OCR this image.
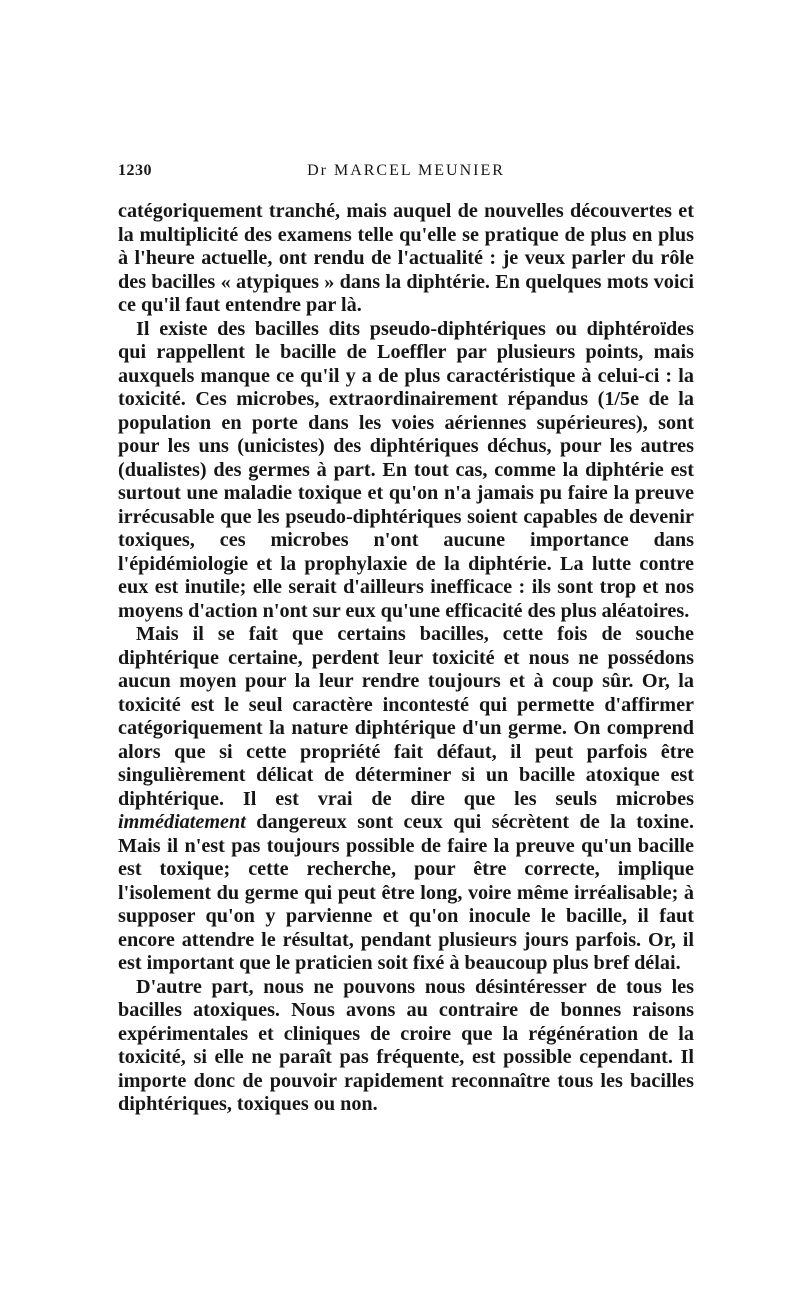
1230	Dr MARCEL MEUNIER

catégoriquement tranché, mais auquel de nouvelles découvertes et la multiplicité des examens telle qu'elle se pratique de plus en plus à l'heure actuelle, ont rendu de l'actualité : je veux parler du rôle des bacilles « atypiques » dans la diphtérie. En quelques mots voici ce qu'il faut entendre par là.

Il existe des bacilles dits pseudo-diphtériques ou diphtéroïdes qui rappellent le bacille de Loeffler par plusieurs points, mais auxquels manque ce qu'il y a de plus caractéristique à celui-ci : la toxicité. Ces microbes, extraordinairement répandus (1/5e de la population en porte dans les voies aériennes supérieures), sont pour les uns (unicistes) des diphtériques déchus, pour les autres (dualistes) des germes à part. En tout cas, comme la diphtérie est surtout une maladie toxique et qu'on n'a jamais pu faire la preuve irrécusable que les pseudo-diphtériques soient capables de devenir toxiques, ces microbes n'ont aucune importance dans l'épidémiologie et la prophylaxie de la diphtérie. La lutte contre eux est inutile; elle serait d'ailleurs inefficace : ils sont trop et nos moyens d'action n'ont sur eux qu'une efficacité des plus aléatoires.

Mais il se fait que certains bacilles, cette fois de souche diphtérique certaine, perdent leur toxicité et nous ne possédons aucun moyen pour la leur rendre toujours et à coup sûr. Or, la toxicité est le seul caractère incontesté qui permette d'affirmer catégoriquement la nature diphtérique d'un germe. On comprend alors que si cette propriété fait défaut, il peut parfois être singulièrement délicat de déterminer si un bacille atoxique est diphtérique. Il est vrai de dire que les seuls microbes immédiatement dangereux sont ceux qui sécrètent de la toxine. Mais il n'est pas toujours possible de faire la preuve qu'un bacille est toxique; cette recherche, pour être correcte, implique l'isolement du germe qui peut être long, voire même irréalisable; à supposer qu'on y parvienne et qu'on inocule le bacille, il faut encore attendre le résultat, pendant plusieurs jours parfois. Or, il est important que le praticien soit fixé à beaucoup plus bref délai.

D'autre part, nous ne pouvons nous désintéresser de tous les bacilles atoxiques. Nous avons au contraire de bonnes raisons expérimentales et cliniques de croire que la régénération de la toxicité, si elle ne paraît pas fréquente, est possible cependant. Il importe donc de pouvoir rapidement reconnaître tous les bacilles diphtériques, toxiques ou non.
